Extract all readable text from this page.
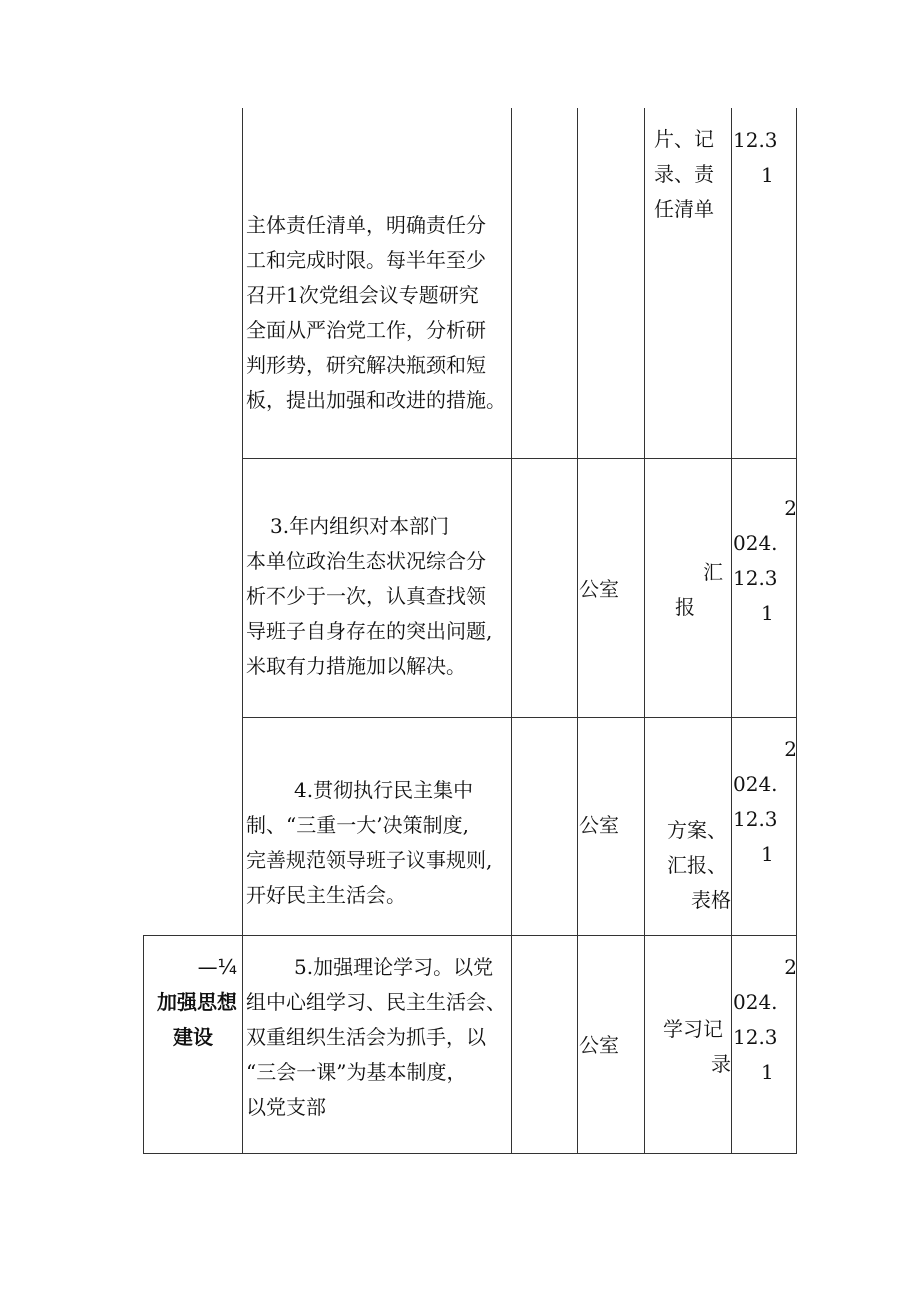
主体责任清单，明确责任分
工和完成时限。每半年至少
召开1次党组会议专题研究
全面从严治党工作，分析研
判形势，研究解决瓶颈和短
板，提出加强和改进的措施。
片、记
录、责
任清单
12.3
1
3.年内组织对本部门
本单位政治生态状况综合分
析不少于一次，认真查找领
导班子自身存在的突出问题,
米取有力措施加以解决。
公室
汇
报
2
024.
12.3
1
4.贯彻执行民主集中
制、“三重一大’决策制度,
完善规范领导班子议事规则,
开好民主生活会。
公室	方案、
汇报、
表格
2
024.
12.3
1
—¼
加强思想
建设
5.加强理论学习。以党
组中心组学习、民主生活会、
双重组织生活会为抓手，以
“三会一课”为基本制度，
以党支部
公室
学习记
录
2
024.
12.3
1
